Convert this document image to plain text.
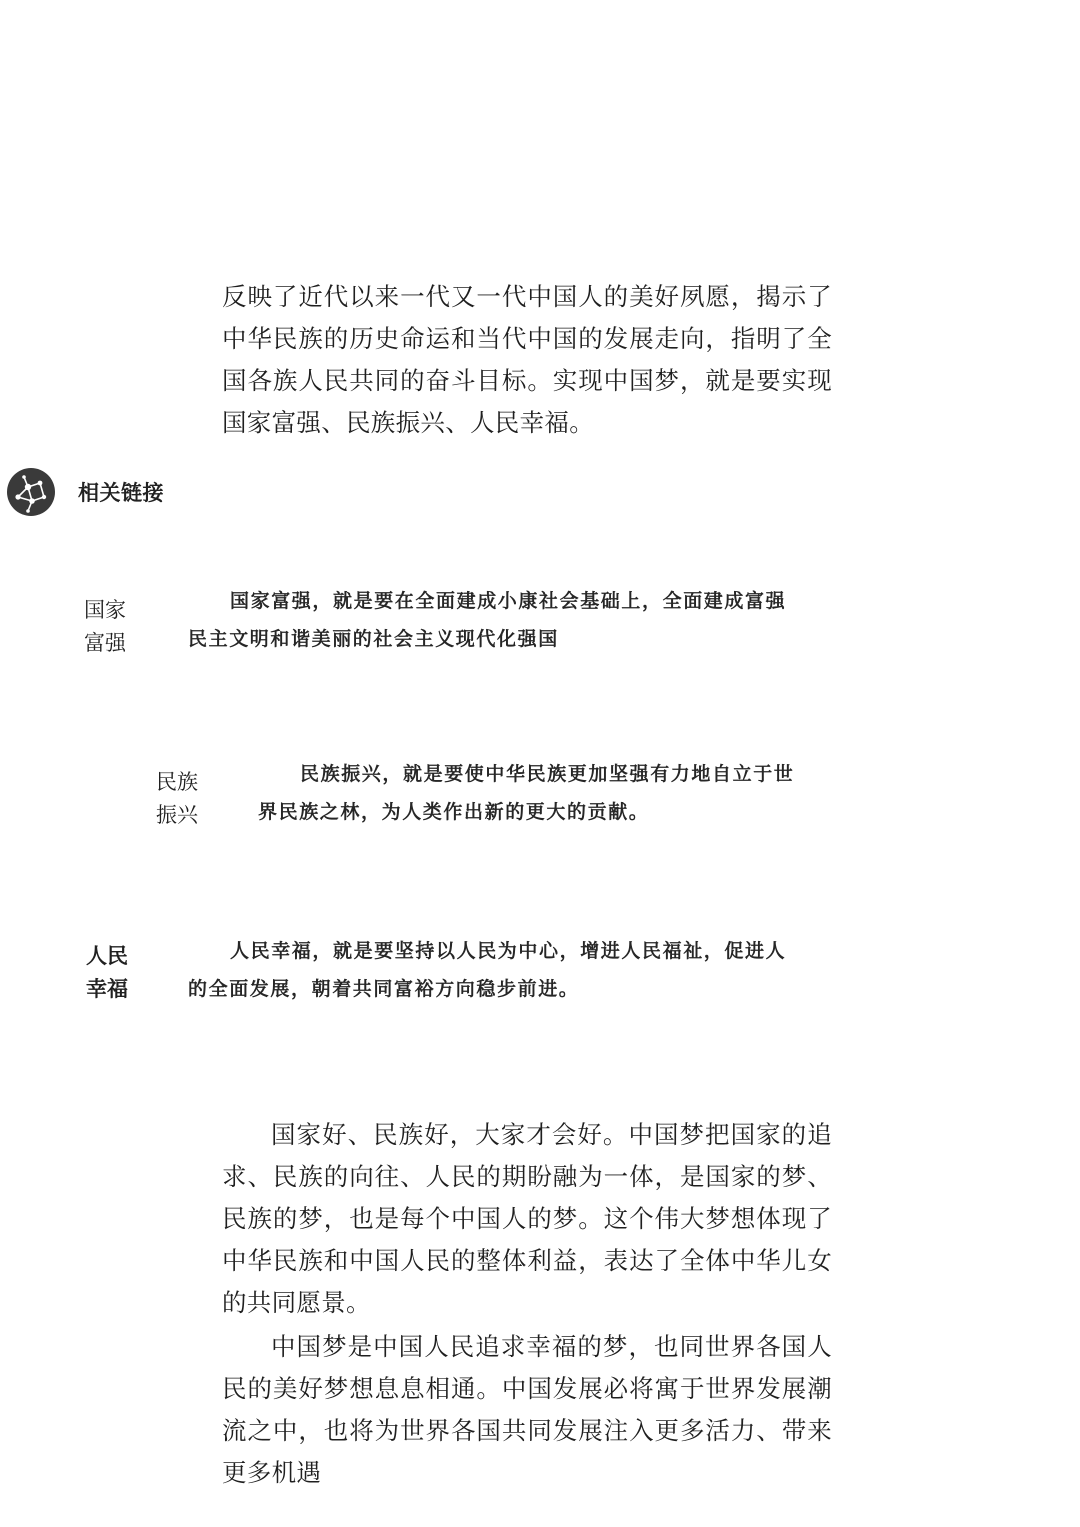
反映了近代以来一代又一代中国人的美好夙愿，揭示了中华民族的历史命运和当代中国的发展走向，指明了全国各族人民共同的奋斗目标。实现中国梦，就是要实现国家富强、民族振兴、人民幸福。

相关链接

国家
富强

国家富强，就是要在全面建成小康社会基础上，全面建成富强民主文明和谐美丽的社会主义现代化强国

民族
振兴

民族振兴，就是要使中华民族更加坚强有力地自立于世界民族之林，为人类作出新的更大的贡献。

人民
幸福

人民幸福，就是要坚持以人民为中心，增进人民福祉，促进人的全面发展，朝着共同富裕方向稳步前进。

国家好、民族好，大家才会好。中国梦把国家的追求、民族的向往、人民的期盼融为一体，是国家的梦、民族的梦，也是每个中国人的梦。这个伟大梦想体现了中华民族和中国人民的整体利益，表达了全体中华儿女的共同愿景。

中国梦是中国人民追求幸福的梦，也同世界各国人民的美好梦想息息相通。中国发展必将寓于世界发展潮流之中，也将为世界各国共同发展注入更多活力、带来更多机遇
